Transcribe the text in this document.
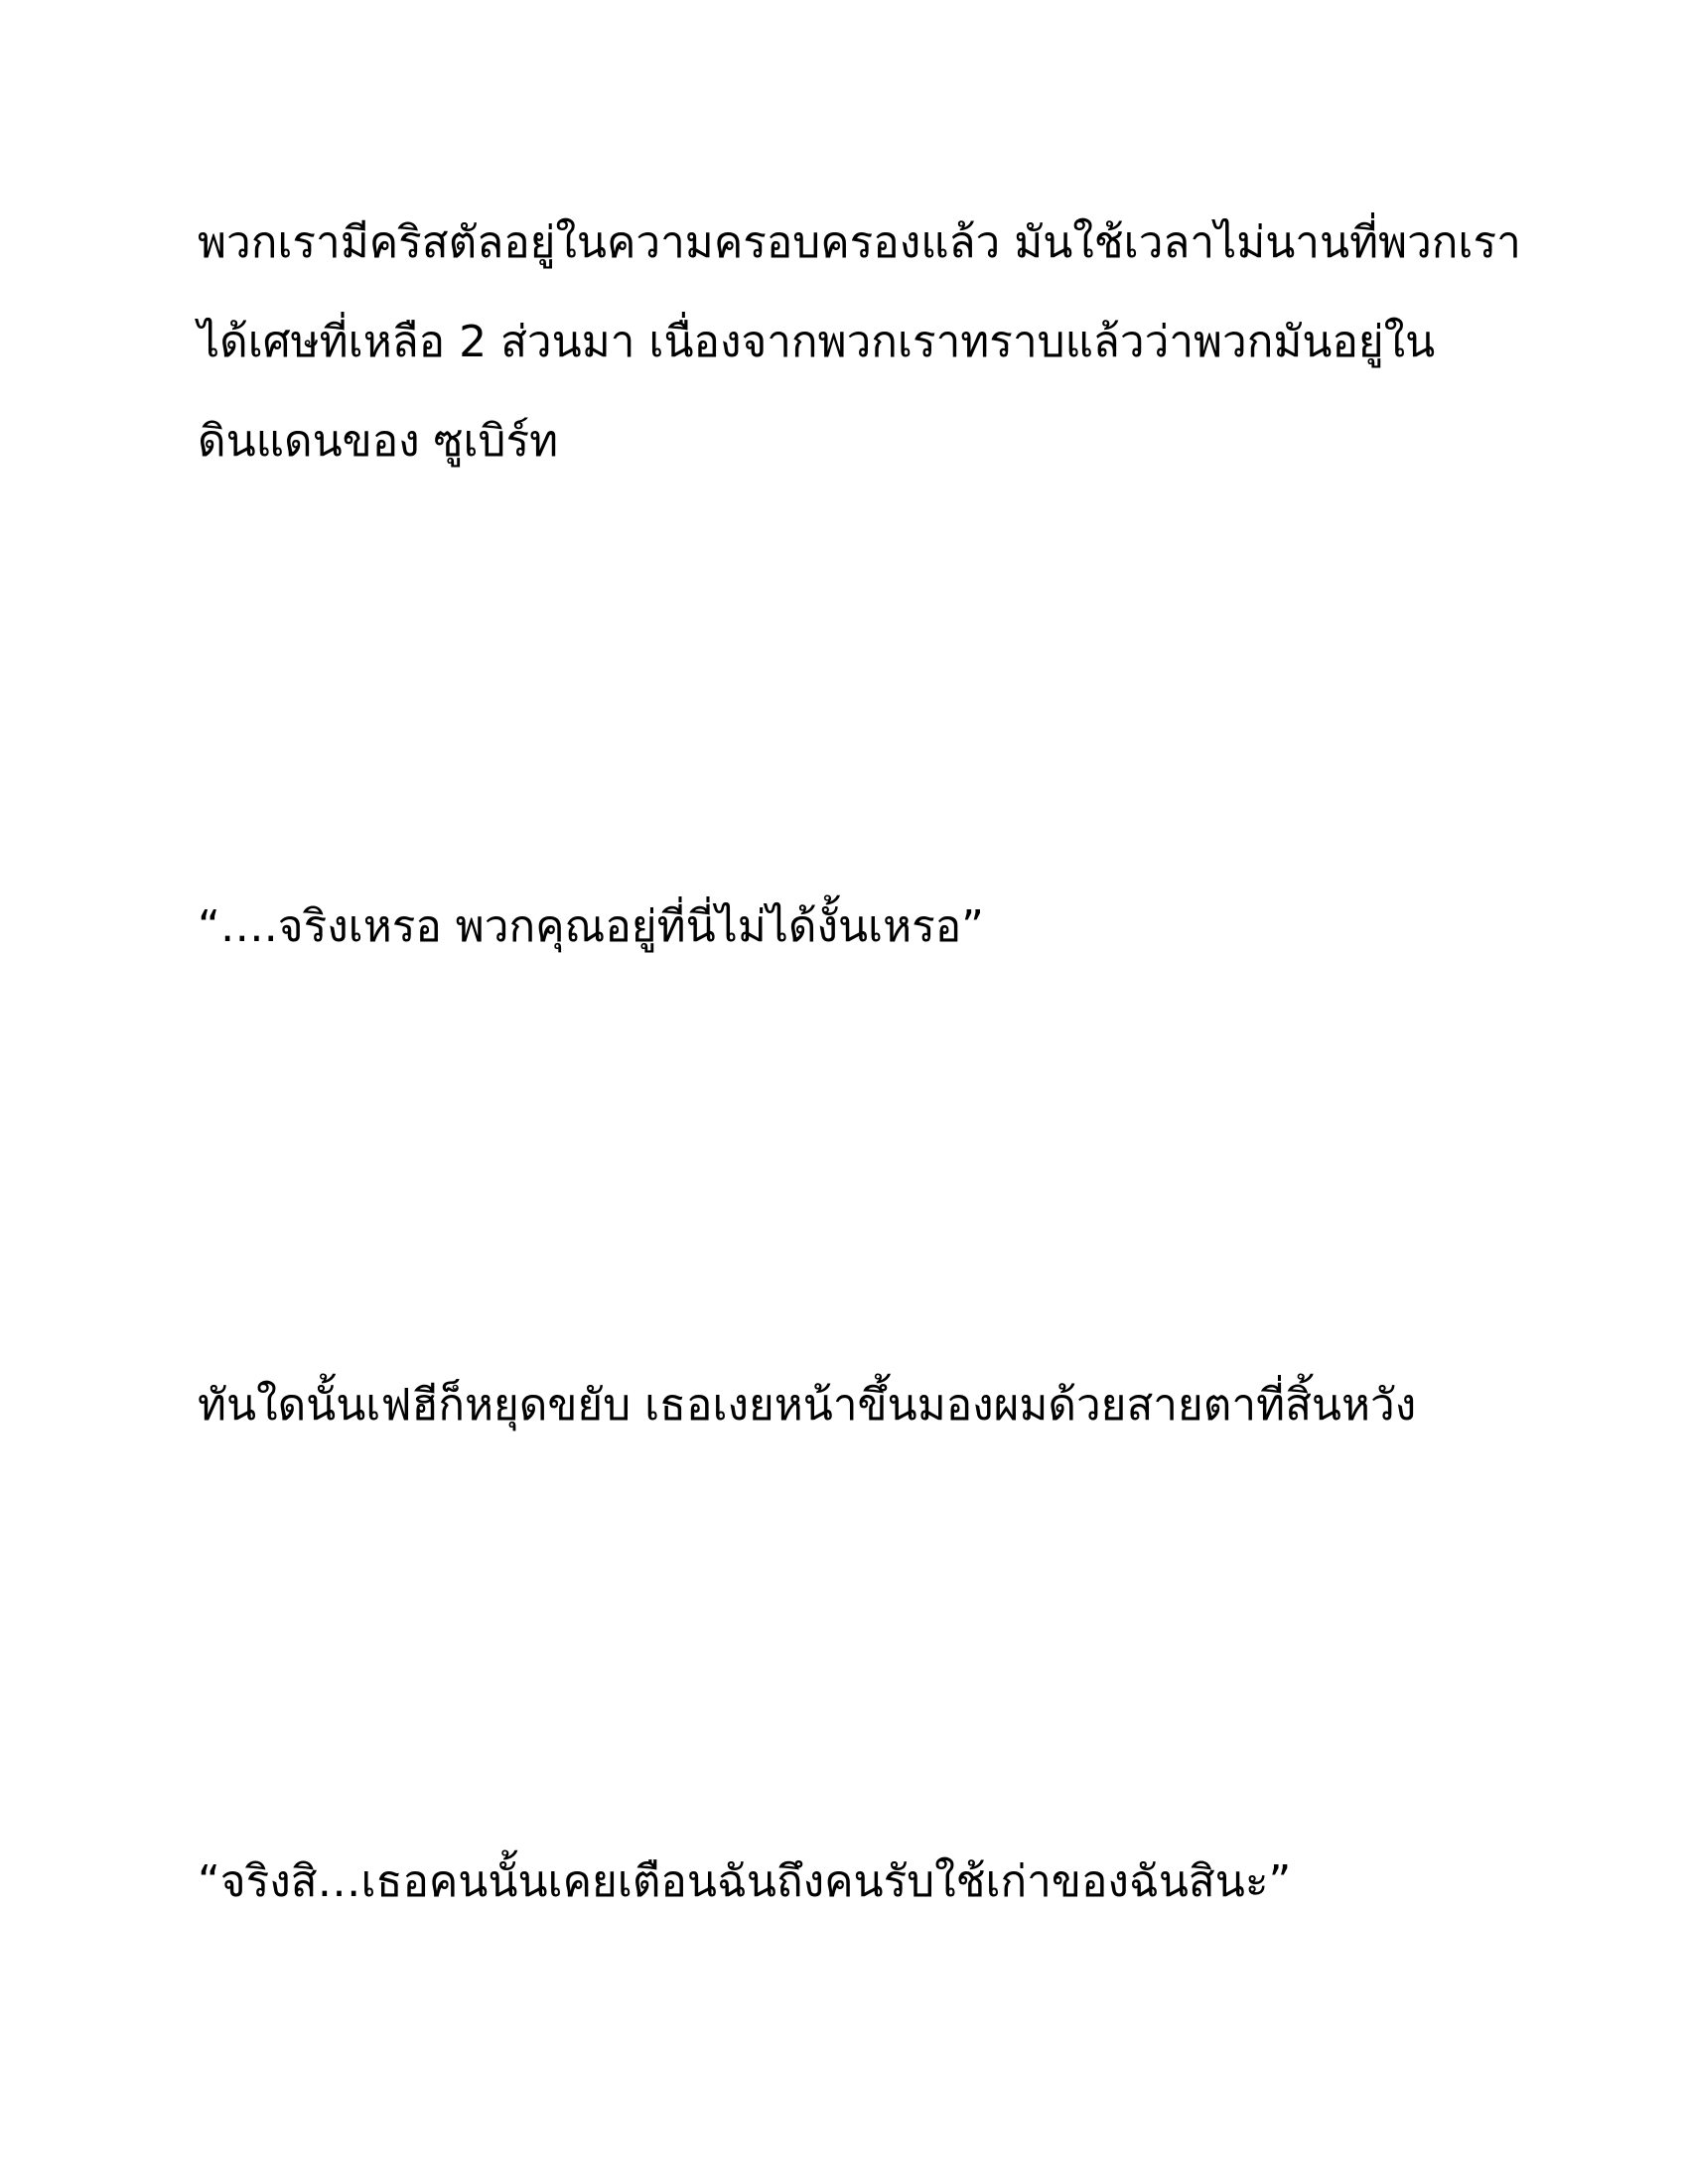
พวกเรามีคริสตัลอยู่ในความครอบครองแล้ว มันใช้เวลาไม่นานที่พวกเรา
ได้เศษที่เหลือ 2 ส่วนมา เนื่องจากพวกเราทราบแล้วว่าพวกมันอยู่ใน
ดินแดนของ ซูเบิร์ท

“….จริงเหรอ พวกคุณอยู่ที่นี่ไม่ได้งั้นเหรอ”

ทันใดนั้นเฟฮีก็หยุดขยับ เธอเงยหน้าขึ้นมองผมด้วยสายตาที่สิ้นหวัง

“จริงสิ…เธอคนนั้นเคยเตือนฉันถึงคนรับใช้เก่าของฉันสินะ”
